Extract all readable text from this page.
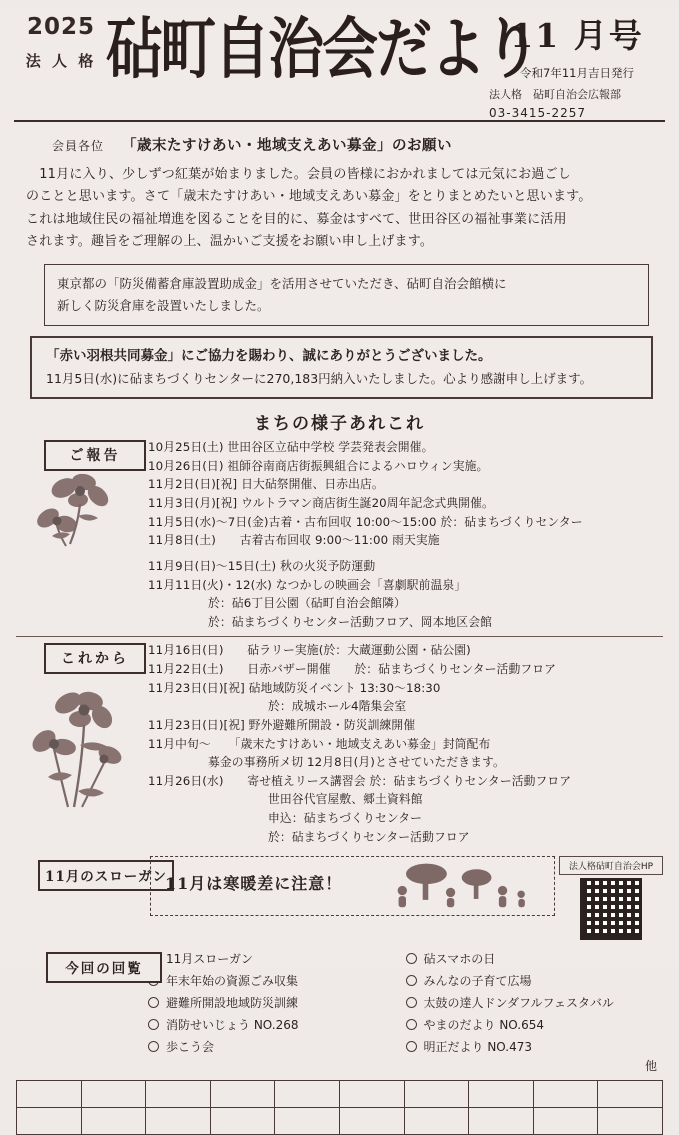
2025
法 人 格 砧町自治会だより
11 月号
令和7年11月吉日発行
法人格　砧町自治会広報部
03-3415-2257
会員各位	「歳末たすけあい・地域支えあい募金」のお願い

　11月に入り、少しずつ紅葉が始まりました。会員の皆様におかれましては元気にお過ごし

のことと思います。さて「歳末たすけあい・地域支えあい募金」をとりまとめたいと思います。

これは地域住民の福祉増進を図ることを目的に、募金はすべて、世田谷区の福祉事業に活用

されます。趣旨をご理解の上、温かいご支援をお願い申し上げます。

東京都の「防災備蓄倉庫設置助成金」を活用させていただき、砧町自治会館横に
新しく防災倉庫を設置いたしました。
「赤い羽根共同募金」にご協力を賜わり、誠にありがとうございました。
11月5日(水)に砧まちづくりセンターに270,183円納入いたしました。心より感謝申し上げます。
まちの様子あれこれ
ご報告
10月25日(土) 世田谷区立砧中学校 学芸発表会開催。
10月26日(日) 祖師谷南商店街振興組合によるハロウィン実施。
11月2日(日)[祝] 日大砧祭開催、日赤出店。
11月3日(月)[祝] ウルトラマン商店街生誕20周年記念式典開催。
11月5日(水)〜7日(金)古着・古布回収 10:00〜15:00 於：砧まちづくりセンター
11月8日(土)　　古着古布回収 9:00〜11:00 雨天実施
11月9日(日)〜15日(土) 秋の火災予防運動
11月11日(火)・12(水) なつかしの映画会「喜劇駅前温泉」
於：砧6丁目公園（砧町自治会館隣）
於：砧まちづくりセンター活動フロア、岡本地区会館
これから
11月16日(日)　　砧ラリー実施(於：大蔵運動公園・砧公園)
11月22日(土)　　日赤バザー開催　　於：砧まちづくりセンター活動フロア
11月23日(日)[祝] 砧地域防災イベント 13:30〜18:30
於：成城ホール4階集会室
11月23日(日)[祝] 野外避難所開設・防災訓練開催
11月中旬〜　　「歳末たすけあい・地域支えあい募金」封筒配布
募金の事務所メ切 12月8日(月)とさせていただきます。
11月26日(水)　　寄せ植えリース講習会 於：砧まちづくりセンター活動フロア
世田谷代官屋敷、郷土資料館
申込：砧まちづくりセンター
於：砧まちづくりセンター活動フロア
11月のスローガン
11月は寒暖差に注意！
法人格砧町自治会HP
今回の回覧
11月スローガン	砧スマホの日
年末年始の資源ごみ収集	みんなの子育て広場
避難所開設地域防災訓練	太鼓の達人ドンダフルフェスタバル
消防せいじょう NO.268	やまのだより NO.654
歩こう会	明正だより NO.473
他
